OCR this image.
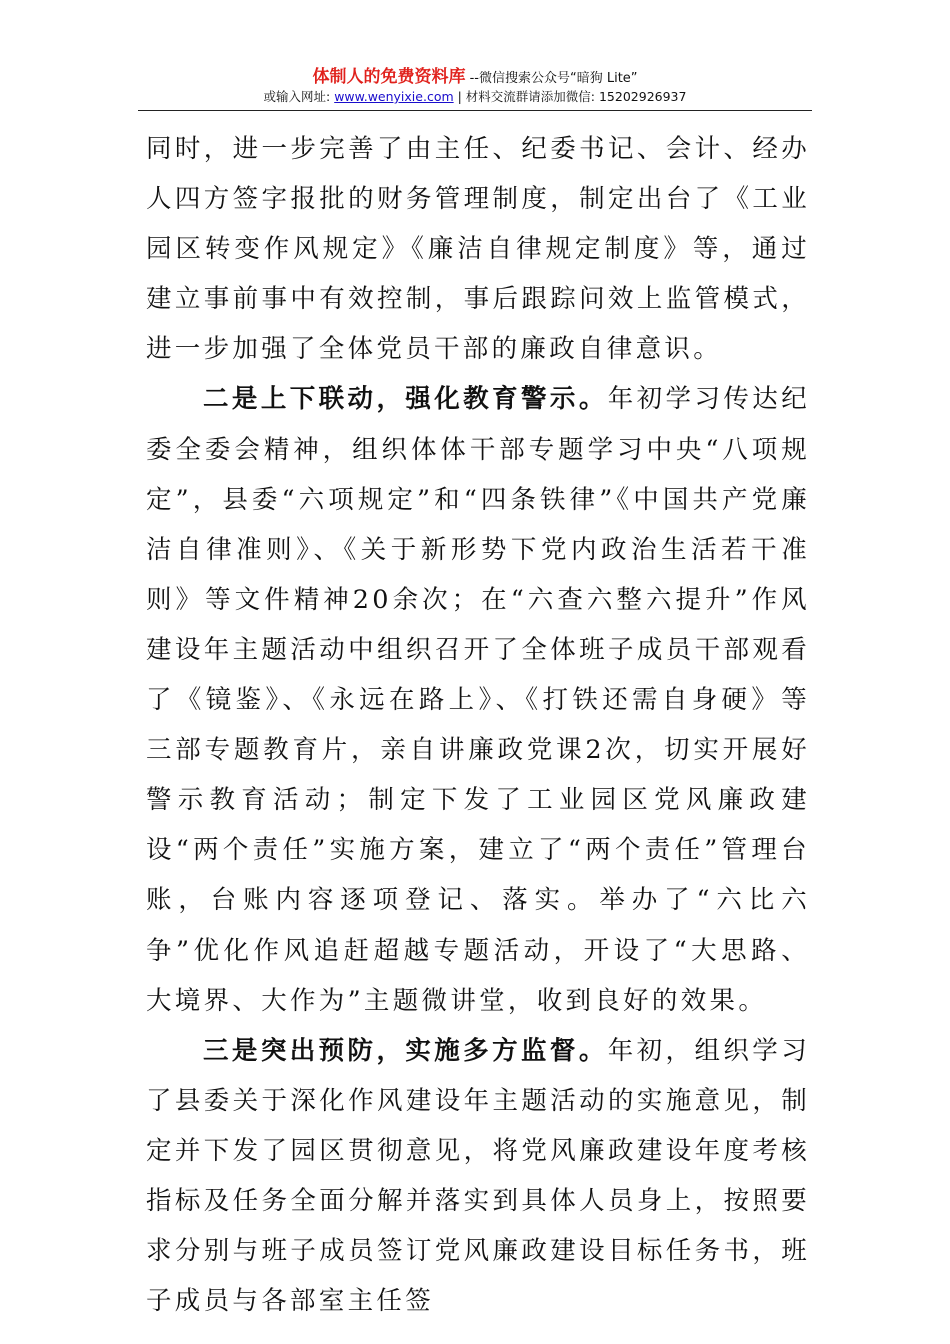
体制人的免费资料库 --微信搜索公众号“暗狗 Lite”
或输入网址: www.wenyixie.com | 材料交流群请添加微信: 15202926937

同时，进一步完善了由主任、纪委书记、会计、经办人四方签字报批的财务管理制度，制定出台了《工业园区转变作风规定》《廉洁自律规定制度》等，通过建立事前事中有效控制，事后跟踪问效上监管模式，进一步加强了全体党员干部的廉政自律意识。

二是上下联动，强化教育警示。年初学习传达纪委全委会精神，组织体体干部专题学习中央“八项规定”，县委“六项规定”和“四条铁律”《中国共产党廉洁自律准则》、《关于新形势下党内政治生活若干准则》等文件精神20余次；在“六查六整六提升”作风建设年主题活动中组织召开了全体班子成员干部观看了《镜鉴》、《永远在路上》、《打铁还需自身硬》等三部专题教育片，亲自讲廉政党课2次，切实开展好警示教育活动；制定下发了工业园区党风廉政建设“两个责任”实施方案，建立了“两个责任”管理台账，台账内容逐项登记、落实。举办了“六比六争”优化作风追赶超越专题活动，开设了“大思路、大境界、大作为”主题微讲堂，收到良好的效果。

三是突出预防，实施多方监督。年初，组织学习了县委关于深化作风建设年主题活动的实施意见，制定并下发了园区贯彻意见，将党风廉政建设年度考核指标及任务全面分解并落实到具体人员身上，按照要求分别与班子成员签订党风廉政建设目标任务书，班子成员与各部室主任签
